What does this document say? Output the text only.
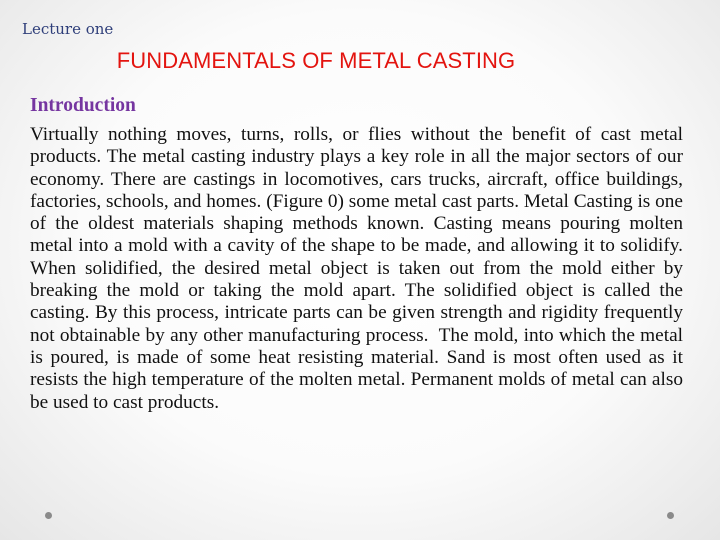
Lecture one

FUNDAMENTALS OF METAL CASTING
Introduction

Virtually nothing moves, turns, rolls, or flies without the benefit of cast metal products. The metal casting industry plays a key role in all the major sectors of our economy. There are castings in locomotives, cars trucks, aircraft, office buildings, factories, schools, and homes. (Figure 0) some metal cast parts. Metal Casting is one of the oldest materials shaping methods known. Casting means pouring molten metal into a mold with a cavity of the shape to be made, and allowing it to solidify. When solidified, the desired metal object is taken out from the mold either by breaking the mold or taking the mold apart. The solidified object is called the casting. By this process, intricate parts can be given strength and rigidity frequently not obtainable by any other manufacturing process.  The mold, into which the metal is poured, is made of some heat resisting material. Sand is most often used as it resists the high temperature of the molten metal. Permanent molds of metal can also be used to cast products.
